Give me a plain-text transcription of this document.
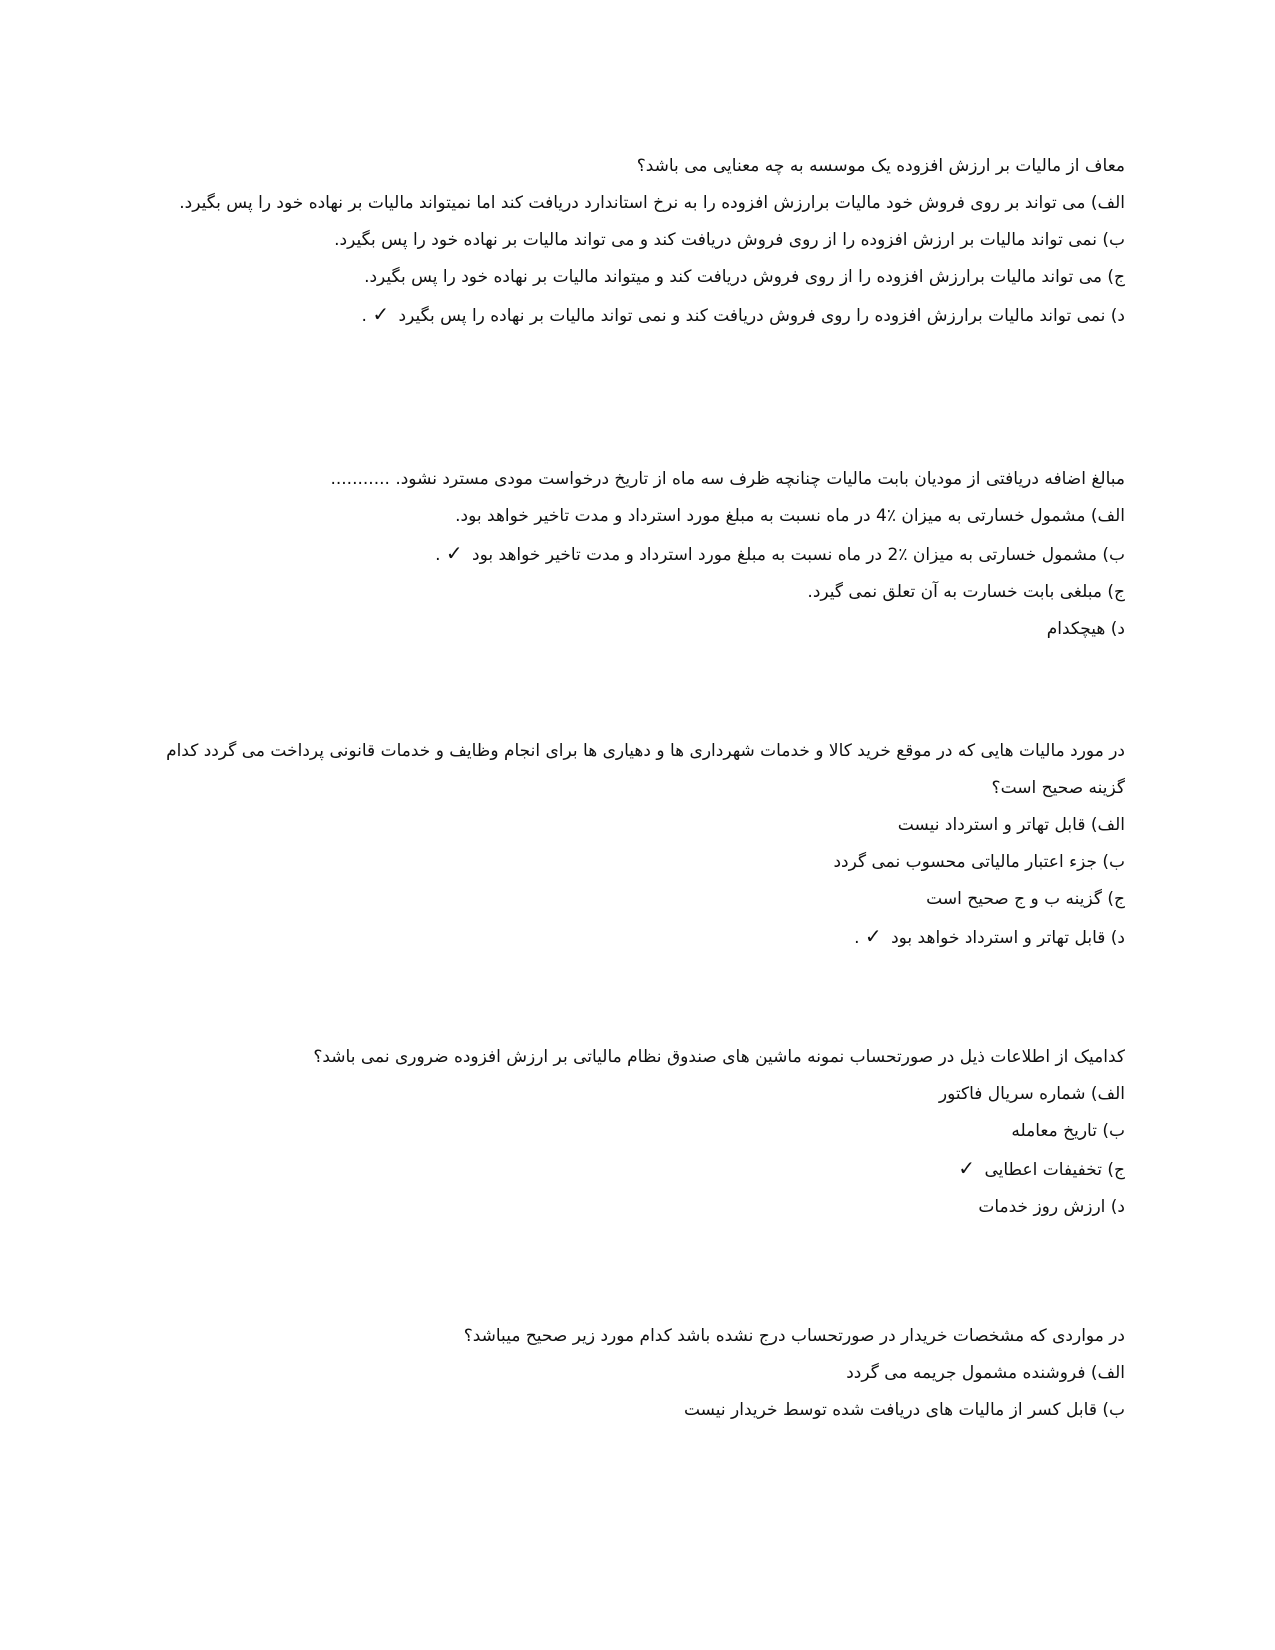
معاف از مالیات بر ارزش افزوده یک موسسه به چه معنایی می باشد؟

الف) می تواند بر روی فروش خود مالیات برارزش افزوده را به نرخ استاندارد دریافت کند اما نمیتواند مالیات بر نهاده خود را پس بگیرد.

ب) نمی تواند مالیات بر ارزش افزوده را از روی فروش دریافت کند و می تواند مالیات بر نهاده خود را پس بگیرد.

ج) می تواند مالیات برارزش افزوده را از روی فروش دریافت کند و میتواند مالیات بر نهاده خود را پس بگیرد.

د) نمی تواند مالیات برارزش افزوده را روی فروش دریافت کند و نمی تواند مالیات بر نهاده را پس بگیرد ✓ .

مبالغ اضافه دریافتی از مودیان بابت مالیات چنانچه ظرف سه ماه از تاریخ درخواست مودی مسترد نشود. ...........

الف) مشمول خسارتی به میزان ٪4 در ماه نسبت به مبلغ مورد استرداد و مدت تاخیر خواهد بود.

ب) مشمول خسارتی به میزان ٪2 در ماه نسبت به مبلغ مورد استرداد و مدت تاخیر خواهد بود ✓ .

ج) مبلغی بابت خسارت به آن تعلق نمی گیرد.

د) هیچکدام

در مورد مالیات هایی که در موقع خرید کالا و خدمات شهرداری ها و دهیاری ها برای انجام وظایف و خدمات قانونی پرداخت می گردد کدام گزینه صحیح است؟

الف) قابل تهاتر و استرداد نیست

ب) جزء اعتبار مالیاتی محسوب نمی گردد

ج) گزینه ب و ج صحیح است

د) قابل تهاتر و استرداد خواهد بود ✓ .

کدامیک از اطلاعات ذیل در صورتحساب نمونه ماشین های صندوق نظام مالیاتی بر ارزش افزوده ضروری نمی باشد؟

الف) شماره سریال فاکتور

ب) تاریخ معامله

ج) تخفیفات اعطایی ✓

د) ارزش روز خدمات

در مواردی که مشخصات خریدار در صورتحساب درج نشده باشد کدام مورد زیر صحیح میباشد؟

الف) فروشنده مشمول جریمه می گردد

ب) قابل کسر از مالیات های دریافت شده توسط خریدار نیست
